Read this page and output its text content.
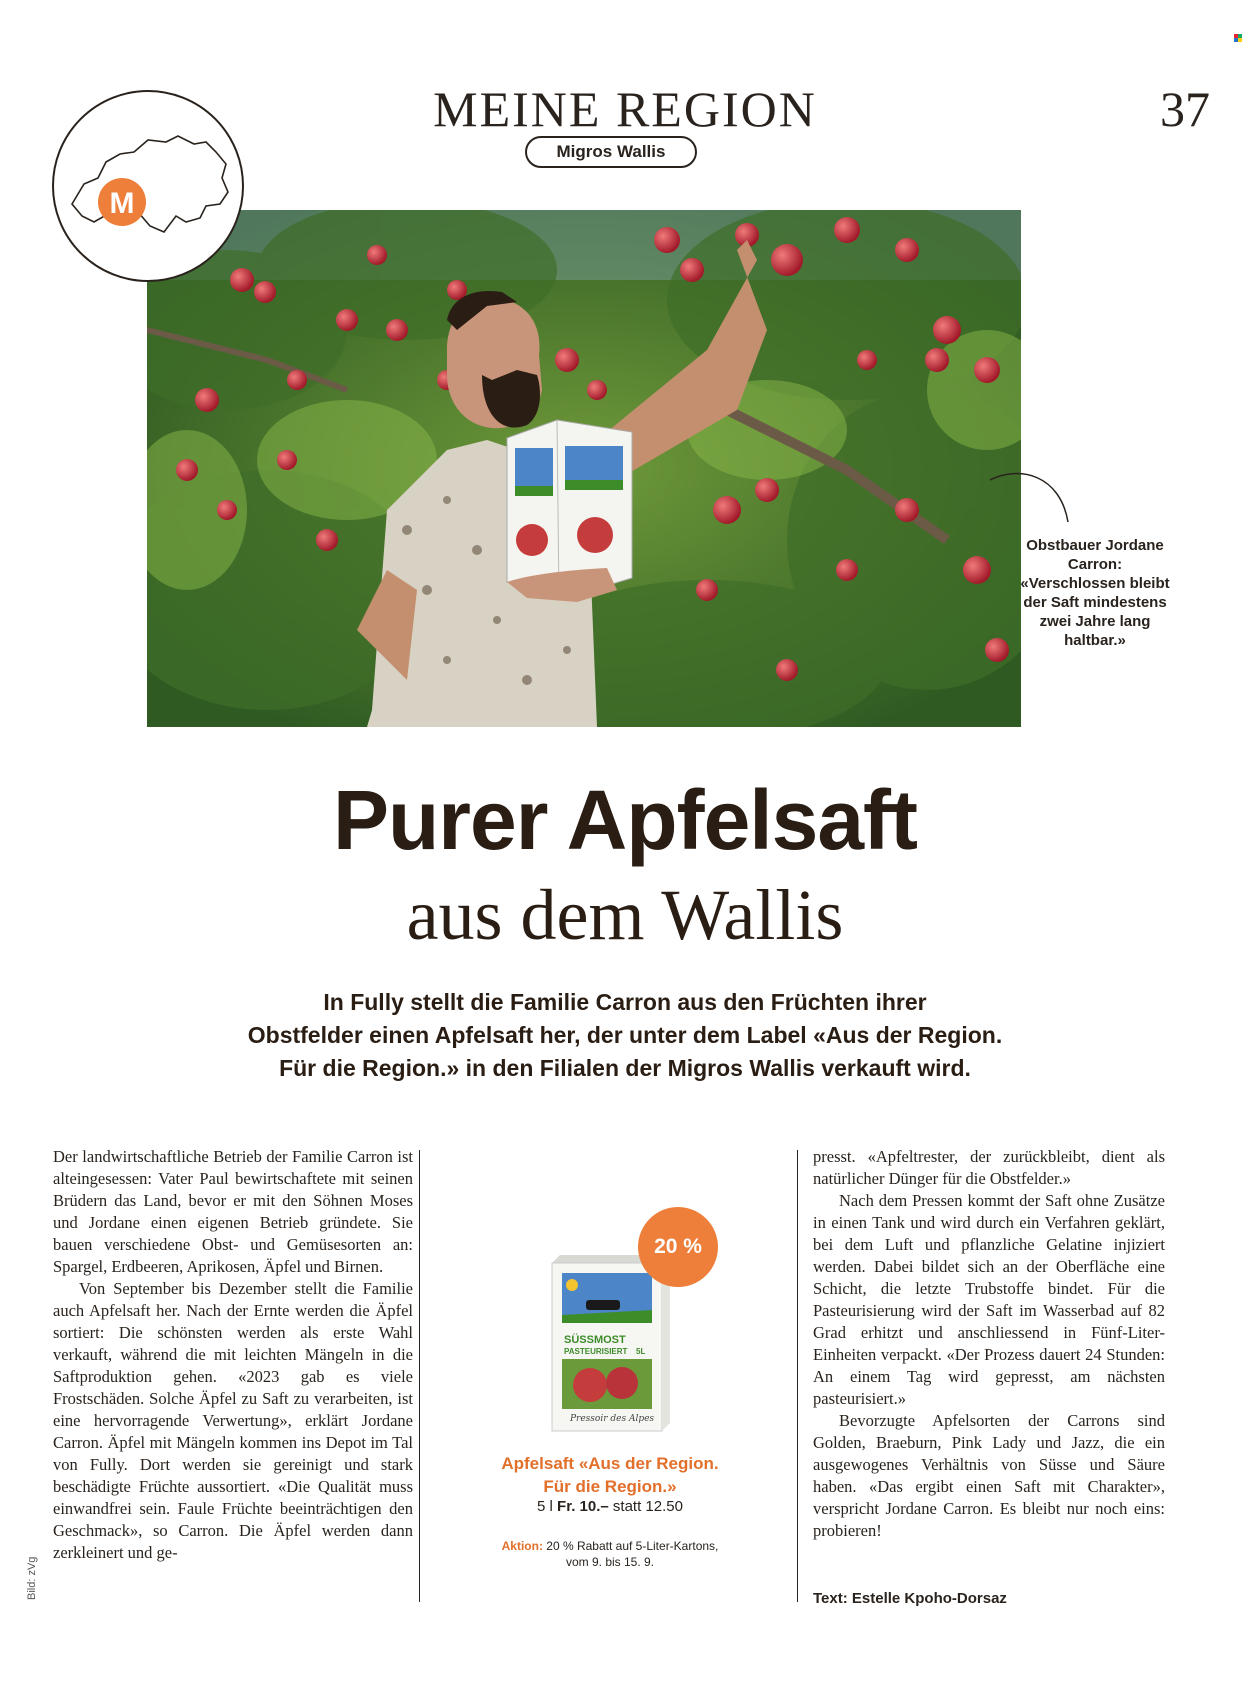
MEINE REGION
Migros Wallis
37
M
Obstbauer Jordane Carron: «Verschlossen bleibt der Saft mindestens zwei Jahre lang haltbar.»
Purer Apfelsaft
aus dem Wallis
In Fully stellt die Familie Carron aus den Früchten ihrer
Obstfelder einen Apfelsaft her, der unter dem Label «Aus der Region.
Für die Region.» in den Filialen der Migros Wallis verkauft wird.

Der landwirtschaftliche Betrieb der Familie Carron ist alteingesessen: Vater Paul bewirtschaftete mit seinen Brüdern das Land, bevor er mit den Söhnen Moses und Jordane einen eigenen Betrieb gründete. Sie bauen verschiedene Obst- und Gemüsesorten an: Spargel, Erdbeeren, Aprikosen, Äpfel und Birnen.

Von September bis Dezember stellt die Familie auch Apfelsaft her. Nach der Ernte werden die Äpfel sortiert: Die schönsten werden als erste Wahl verkauft, während die mit leichten Mängeln in die Saftproduktion gehen. «2023 gab es viele Frostschäden. Solche Äpfel zu Saft zu verarbeiten, ist eine hervorragende Verwertung», erklärt Jordane Carron. Äpfel mit Mängeln kommen ins Depot im Tal von Fully. Dort werden sie gereinigt und stark beschädigte Früchte aussortiert. «Die Qualität muss einwandfrei sein. Faule Früchte beeinträchtigen den Geschmack», so Carron. Die Äpfel werden dann zerkleinert und ge-

SÜSSMOST
PASTEURISIERT 5L
Pressoir des Alpes
20 %
Apfelsaft «Aus der Region.
Für die Region.»
5 l Fr. 10.– statt 12.50
Aktion: 20 % Rabatt auf 5-Liter-Kartons,
vom 9. bis 15. 9.

presst. «Apfeltrester, der zurückbleibt, dient als natürlicher Dünger für die Obstfelder.»

Nach dem Pressen kommt der Saft ohne Zusätze in einen Tank und wird durch ein Verfahren geklärt, bei dem Luft und pflanzliche Gelatine injiziert werden. Dabei bildet sich an der Oberfläche eine Schicht, die letzte Trubstoffe bindet. Für die Pasteurisierung wird der Saft im Wasserbad auf 82 Grad erhitzt und anschliessend in Fünf-Liter-Einheiten verpackt. «Der Prozess dauert 24 Stunden: An einem Tag wird gepresst, am nächsten pasteurisiert.»

Bevorzugte Apfelsorten der Carrons sind Golden, Braeburn, Pink Lady und Jazz, die ein ausgewogenes Verhältnis von Süsse und Säure haben. «Das ergibt einen Saft mit Charakter», verspricht Jordane Carron. Es bleibt nur noch eins: probieren!

Text: Estelle Kpoho-Dorsaz
Bild: zVg
